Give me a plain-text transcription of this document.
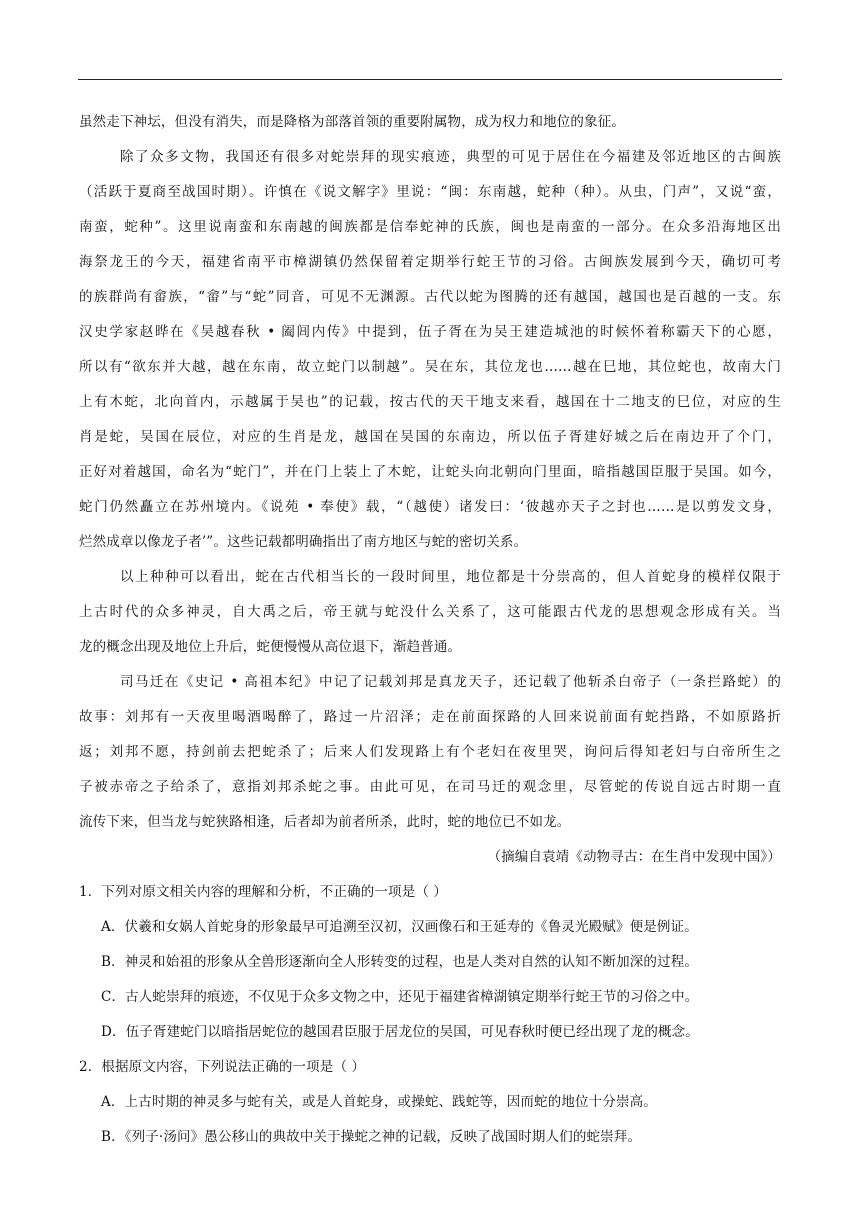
虽然走下神坛，但没有消失，而是降格为部落首领的重要附属物，成为权力和地位的象征。
除了众多文物，我国还有很多对蛇崇拜的现实痕迹，典型的可见于居住在今福建及邻近地区的古闽族
（活跃于夏商至战国时期）。许慎在《说文解字》里说：“闽：东南越，蛇种（种）。从虫，门声”，又说“蛮，
南蛮，蛇种”。这里说南蛮和东南越的闽族都是信奉蛇神的氏族，闽也是南蛮的一部分。在众多沿海地区出
海祭龙王的今天，福建省南平市樟湖镇仍然保留着定期举行蛇王节的习俗。古闽族发展到今天，确切可考
的族群尚有畲族，“畲”与“蛇”同音，可见不无渊源。古代以蛇为图腾的还有越国，越国也是百越的一支。东
汉史学家赵晔在《吴越春秋 • 阖闾内传》中提到，伍子胥在为吴王建造城池的时候怀着称霸天下的心愿，
所以有“欲东并大越，越在东南，故立蛇门以制越”。吴在东，其位龙也……越在巳地，其位蛇也，故南大门
上有木蛇，北向首内，示越属于吴也”的记载，按古代的天干地支来看，越国在十二地支的巳位，对应的生
肖是蛇，吴国在辰位，对应的生肖是龙，越国在吴国的东南边，所以伍子胥建好城之后在南边开了个门，
正好对着越国，命名为“蛇门”，并在门上装上了木蛇，让蛇头向北朝向门里面，暗指越国臣服于吴国。如今，
蛇门仍然矗立在苏州境内。《说苑 • 奉使》载，“（越使）诸发曰：‘彼越亦天子之封也……是以剪发文身，
烂然成章以像龙子者’”。这些记载都明确指出了南方地区与蛇的密切关系。
以上种种可以看出，蛇在古代相当长的一段时间里，地位都是十分崇高的，但人首蛇身的模样仅限于
上古时代的众多神灵，自大禹之后，帝王就与蛇没什么关系了，这可能跟古代龙的思想观念形成有关。当
龙的概念出现及地位上升后，蛇便慢慢从高位退下，渐趋普通。
司马迁在《史记 • 高祖本纪》中记了记载刘邦是真龙天子，还记载了他斩杀白帝子（一条拦路蛇）的
故事：刘邦有一天夜里喝酒喝醉了，路过一片沼泽；走在前面探路的人回来说前面有蛇挡路，不如原路折
返；刘邦不愿，持剑前去把蛇杀了；后来人们发现路上有个老妇在夜里哭，询问后得知老妇与白帝所生之
子被赤帝之子给杀了，意指刘邦杀蛇之事。由此可见，在司马迁的观念里，尽管蛇的传说自远古时期一直
流传下来，但当龙与蛇狭路相逢，后者却为前者所杀，此时，蛇的地位已不如龙。
（摘编自袁靖《动物寻古：在生肖中发现中国》）
1．下列对原文相关内容的理解和分析，不正确的一项是（ ）
A．伏羲和女娲人首蛇身的形象最早可追溯至汉初，汉画像石和王延寿的《鲁灵光殿赋》便是例证。
B．神灵和始祖的形象从全兽形逐渐向全人形转变的过程，也是人类对自然的认知不断加深的过程。
C．古人蛇崇拜的痕迹，不仅见于众多文物之中，还见于福建省樟湖镇定期举行蛇王节的习俗之中。
D．伍子胥建蛇门以暗指居蛇位的越国君臣服于居龙位的吴国，可见春秋时便已经出现了龙的概念。
2．根据原文内容，下列说法正确的一项是（ ）
A．上古时期的神灵多与蛇有关，或是人首蛇身，或操蛇、践蛇等，因而蛇的地位十分崇高。
B．《列子·汤问》愚公移山的典故中关于操蛇之神的记载，反映了战国时期人们的蛇崇拜。
